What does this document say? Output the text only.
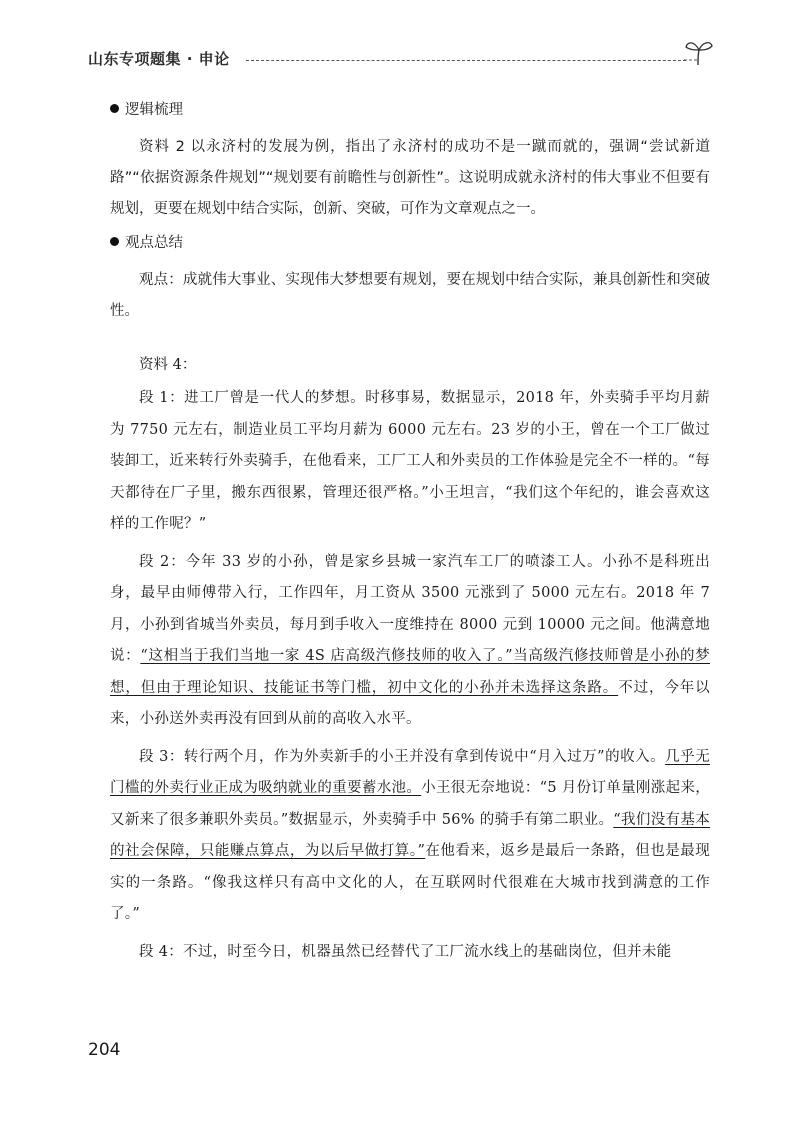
山东专项题集 · 申论
逻辑梳理

资料 2 以永济村的发展为例，指出了永济村的成功不是一蹴而就的，强调“尝试新道路”“依据资源条件规划”“规划要有前瞻性与创新性”。这说明成就永济村的伟大事业不但要有规划，更要在规划中结合实际，创新、突破，可作为文章观点之一。

观点总结

观点：成就伟大事业、实现伟大梦想要有规划，要在规划中结合实际，兼具创新性和突破性。

资料 4：

段 1：进工厂曾是一代人的梦想。时移事易，数据显示，2018 年，外卖骑手平均月薪为 7750 元左右，制造业员工平均月薪为 6000 元左右。23 岁的小王，曾在一个工厂做过装卸工，近来转行外卖骑手，在他看来，工厂工人和外卖员的工作体验是完全不一样的。“每天都待在厂子里，搬东西很累，管理还很严格。”小王坦言，“我们这个年纪的，谁会喜欢这样的工作呢？”

段 2：今年 33 岁的小孙，曾是家乡县城一家汽车工厂的喷漆工人。小孙不是科班出身，最早由师傅带入行，工作四年，月工资从 3500 元涨到了 5000 元左右。2018 年 7 月，小孙到省城当外卖员，每月到手收入一度维持在 8000 元到 10000 元之间。他满意地说：“这相当于我们当地一家 4S 店高级汽修技师的收入了。”当高级汽修技师曾是小孙的梦想，但由于理论知识、技能证书等门槛，初中文化的小孙并未选择这条路。不过，今年以来，小孙送外卖再没有回到从前的高收入水平。

段 3：转行两个月，作为外卖新手的小王并没有拿到传说中“月入过万”的收入。几乎无门槛的外卖行业正成为吸纳就业的重要蓄水池。小王很无奈地说：“5 月份订单量刚涨起来，又新来了很多兼职外卖员。”数据显示，外卖骑手中 56% 的骑手有第二职业。“我们没有基本的社会保障，只能赚点算点，为以后早做打算。”在他看来，返乡是最后一条路，但也是最现实的一条路。“像我这样只有高中文化的人，在互联网时代很难在大城市找到满意的工作了。”

段 4：不过，时至今日，机器虽然已经替代了工厂流水线上的基础岗位，但并未能

204
